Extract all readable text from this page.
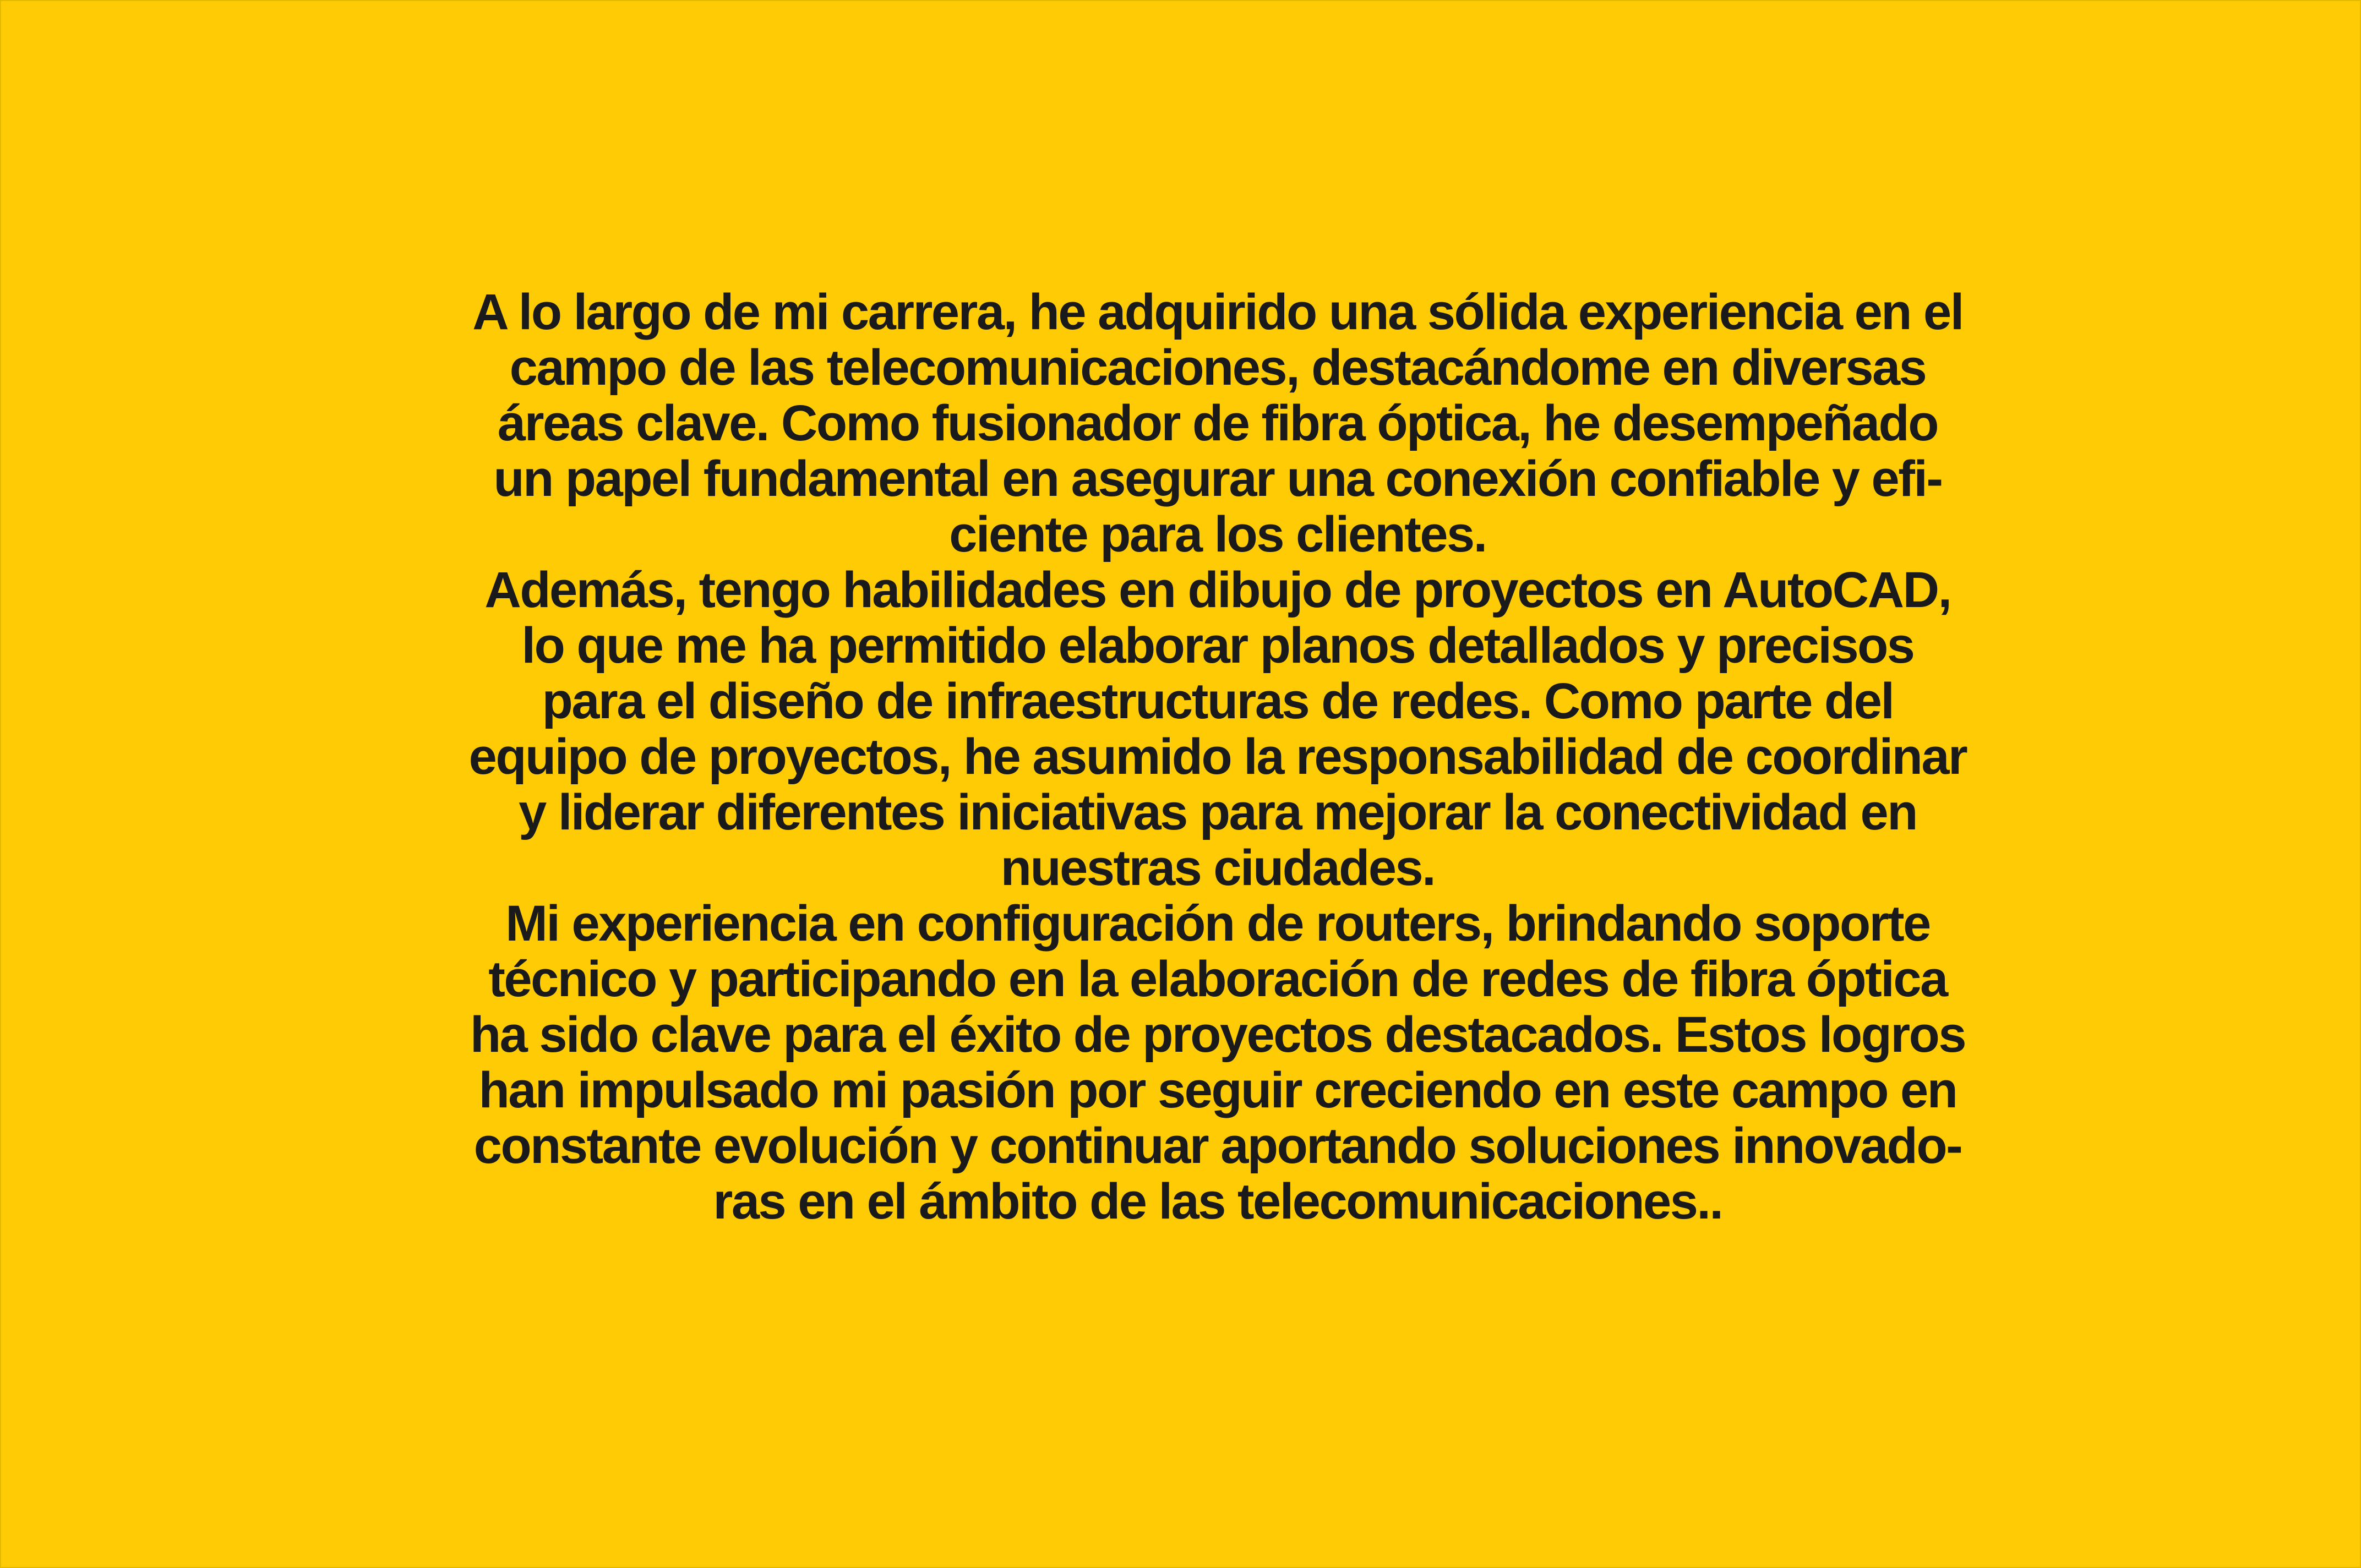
A lo largo de mi carrera, he adquirido una sólida experiencia en el
campo de las telecomunicaciones, destacándome en diversas
áreas clave. Como fusionador de fibra óptica, he desempeñado
un papel fundamental en asegurar una conexión confiable y efi-
ciente para los clientes.
Además, tengo habilidades en dibujo de proyectos en AutoCAD,
lo que me ha permitido elaborar planos detallados y precisos
para el diseño de infraestructuras de redes. Como parte del
equipo de proyectos, he asumido la responsabilidad de coordinar
y liderar diferentes iniciativas para mejorar la conectividad en
nuestras ciudades.
Mi experiencia en configuración de routers, brindando soporte
técnico y participando en la elaboración de redes de fibra óptica
ha sido clave para el éxito de proyectos destacados. Estos logros
han impulsado mi pasión por seguir creciendo en este campo en
constante evolución y continuar aportando soluciones innovado-
ras en el ámbito de las telecomunicaciones..
